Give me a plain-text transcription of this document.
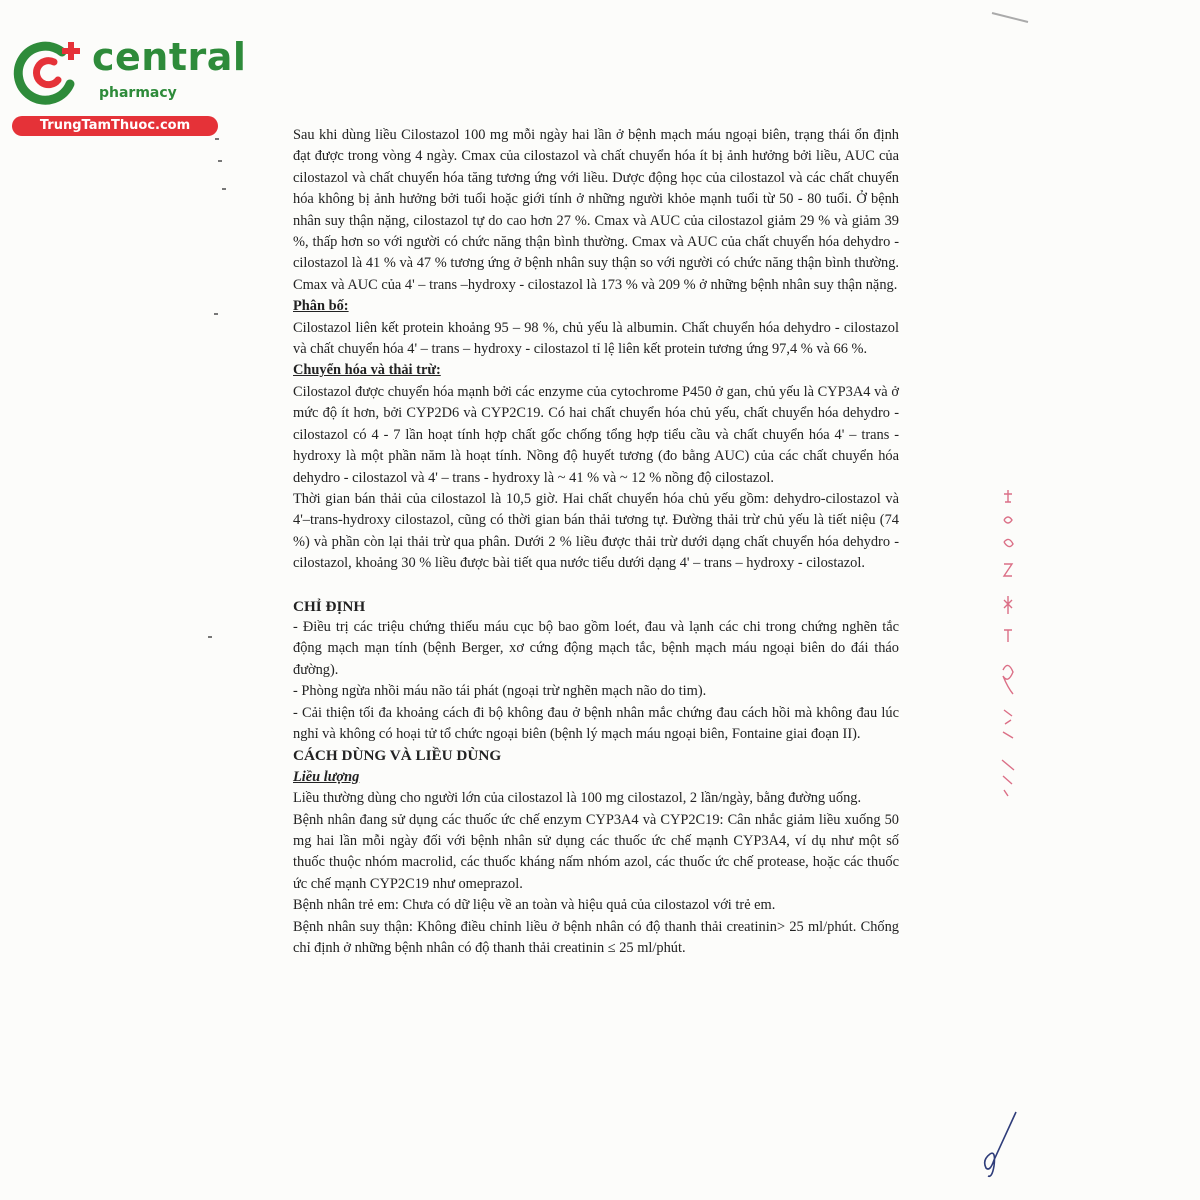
central
pharmacy
TrungTamThuoc.com

Sau khi dùng liều Cilostazol 100 mg mỗi ngày hai lần ở bệnh mạch máu ngoại biên, trạng thái ổn định đạt được trong vòng 4 ngày. Cmax của cilostazol và chất chuyển hóa ít bị ảnh hưởng bởi liều, AUC của cilostazol và chất chuyển hóa tăng tương ứng với liều. Dược động học của cilostazol và các chất chuyển hóa không bị ảnh hưởng bởi tuổi hoặc giới tính ở những người khỏe mạnh tuổi từ 50 - 80 tuổi. Ở bệnh nhân suy thận nặng, cilostazol tự do cao hơn 27 %. Cmax và AUC của cilostazol giảm 29 % và giảm 39 %, thấp hơn so với người có chức năng thận bình thường. Cmax và AUC của chất chuyển hóa dehydro - cilostazol là 41 % và 47 % tương ứng ở bệnh nhân suy thận so với người có chức năng thận bình thường. Cmax và AUC của 4' – trans –hydroxy - cilostazol là 173 % và 209 % ở những bệnh nhân suy thận nặng.

Phân bố:

Cilostazol liên kết protein khoảng 95 – 98 %, chủ yếu là albumin. Chất chuyển hóa dehydro - cilostazol và chất chuyển hóa 4' – trans – hydroxy - cilostazol tỉ lệ liên kết protein tương ứng 97,4 % và 66 %.

Chuyển hóa và thải trừ:

Cilostazol được chuyển hóa mạnh bởi các enzyme của cytochrome P450 ở gan, chủ yếu là CYP3A4 và ở mức độ ít hơn, bởi CYP2D6 và CYP2C19. Có hai chất chuyển hóa chủ yếu, chất chuyển hóa dehydro - cilostazol có 4 - 7 lần hoạt tính hợp chất gốc chống tổng hợp tiểu cầu và chất chuyển hóa 4' – trans - hydroxy là một phần năm là hoạt tính. Nồng độ huyết tương (đo bằng AUC) của các chất chuyển hóa dehydro - cilostazol và 4' – trans - hydroxy là ~ 41 % và ~ 12 % nồng độ cilostazol.

Thời gian bán thải của cilostazol là 10,5 giờ. Hai chất chuyển hóa chủ yếu gồm: dehydro-cilostazol và 4'–trans-hydroxy cilostazol, cũng có thời gian bán thải tương tự. Đường thải trừ chủ yếu là tiết niệu (74 %) và phần còn lại thải trừ qua phân. Dưới 2 % liều được thải trừ dưới dạng chất chuyển hóa dehydro - cilostazol, khoảng 30 % liều được bài tiết qua nước tiểu dưới dạng 4' – trans – hydroxy - cilostazol.

CHỈ ĐỊNH

- Điều trị các triệu chứng thiếu máu cục bộ bao gồm loét, đau và lạnh các chi trong chứng nghẽn tắc động mạch mạn tính (bệnh Berger, xơ cứng động mạch tắc, bệnh mạch máu ngoại biên do đái tháo đường).

- Phòng ngừa nhồi máu não tái phát (ngoại trừ nghẽn mạch não do tim).

- Cải thiện tối đa khoảng cách đi bộ không đau ở bệnh nhân mắc chứng đau cách hồi mà không đau lúc nghỉ và không có hoại tử tổ chức ngoại biên (bệnh lý mạch máu ngoại biên, Fontaine giai đoạn II).

CÁCH DÙNG VÀ LIỀU DÙNG
Liều lượng

Liều thường dùng cho người lớn của cilostazol là 100 mg cilostazol, 2 lần/ngày, bằng đường uống.

Bệnh nhân đang sử dụng các thuốc ức chế enzym CYP3A4 và CYP2C19: Cân nhắc giảm liều xuống 50 mg hai lần mỗi ngày đối với bệnh nhân sử dụng các thuốc ức chế mạnh CYP3A4, ví dụ như một số thuốc thuộc nhóm macrolid, các thuốc kháng nấm nhóm azol, các thuốc ức chế protease, hoặc các thuốc ức chế mạnh CYP2C19 như omeprazol.

Bệnh nhân trẻ em: Chưa có dữ liệu về an toàn và hiệu quả của cilostazol với trẻ em.

Bệnh nhân suy thận: Không điều chỉnh liều ở bệnh nhân có độ thanh thải creatinin> 25 ml/phút. Chống chỉ định ở những bệnh nhân có độ thanh thải creatinin ≤ 25 ml/phút.
